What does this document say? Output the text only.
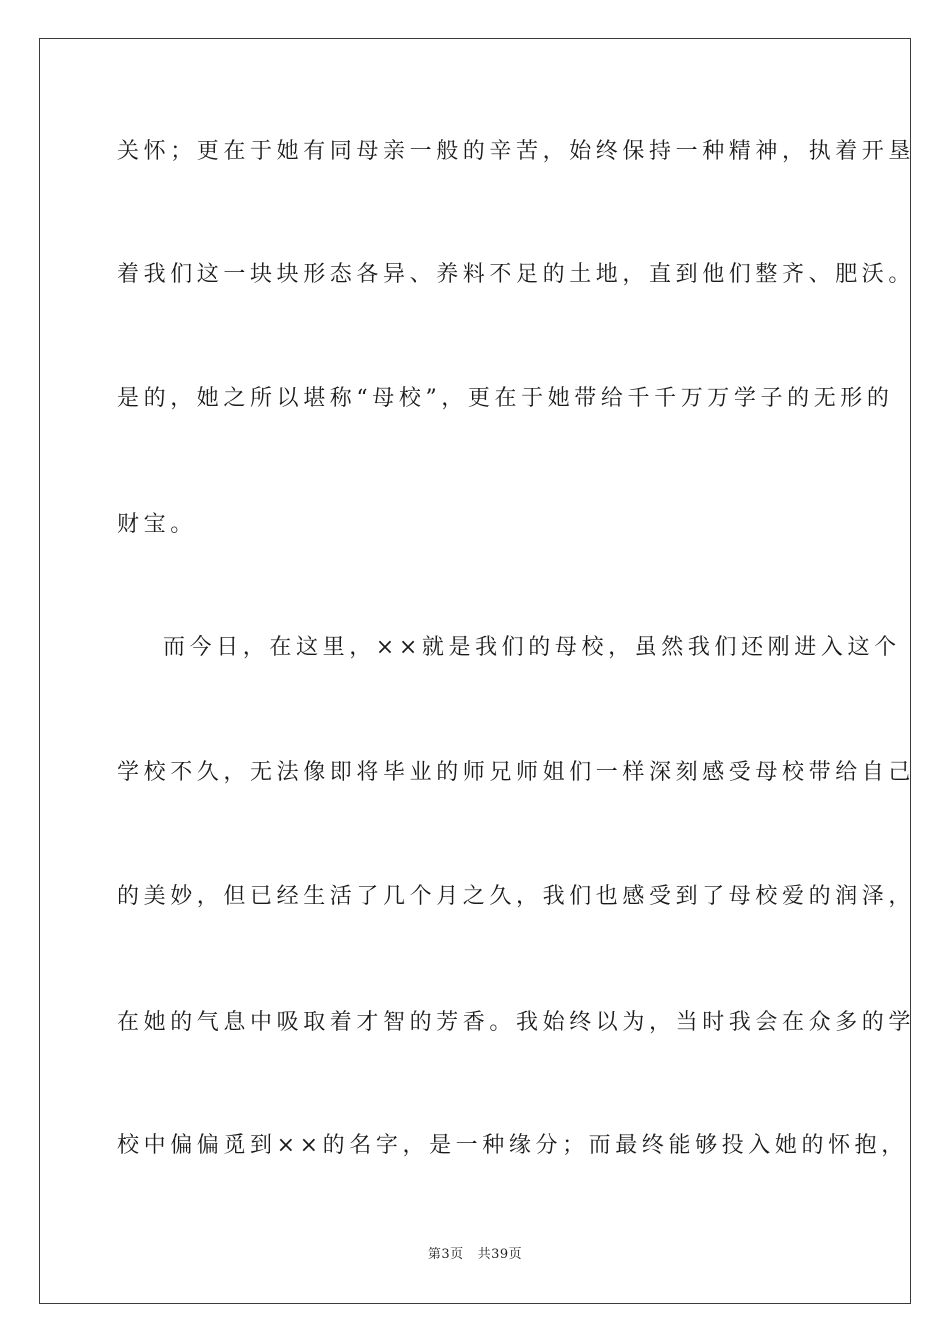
关怀；更在于她有同母亲一般的辛苦，始终保持一种精神，执着开垦
着我们这一块块形态各异、养料不足的土地，直到他们整齐、肥沃。
是的，她之所以堪称“母校”，更在于她带给千千万万学子的无形的
财宝。
而今日，在这里，××就是我们的母校，虽然我们还刚进入这个
学校不久，无法像即将毕业的师兄师姐们一样深刻感受母校带给自己
的美妙，但已经生活了几个月之久，我们也感受到了母校爱的润泽，
在她的气息中吸取着才智的芳香。我始终以为，当时我会在众多的学
校中偏偏觅到××的名字，是一种缘分；而最终能够投入她的怀抱，
第3页 共39页
